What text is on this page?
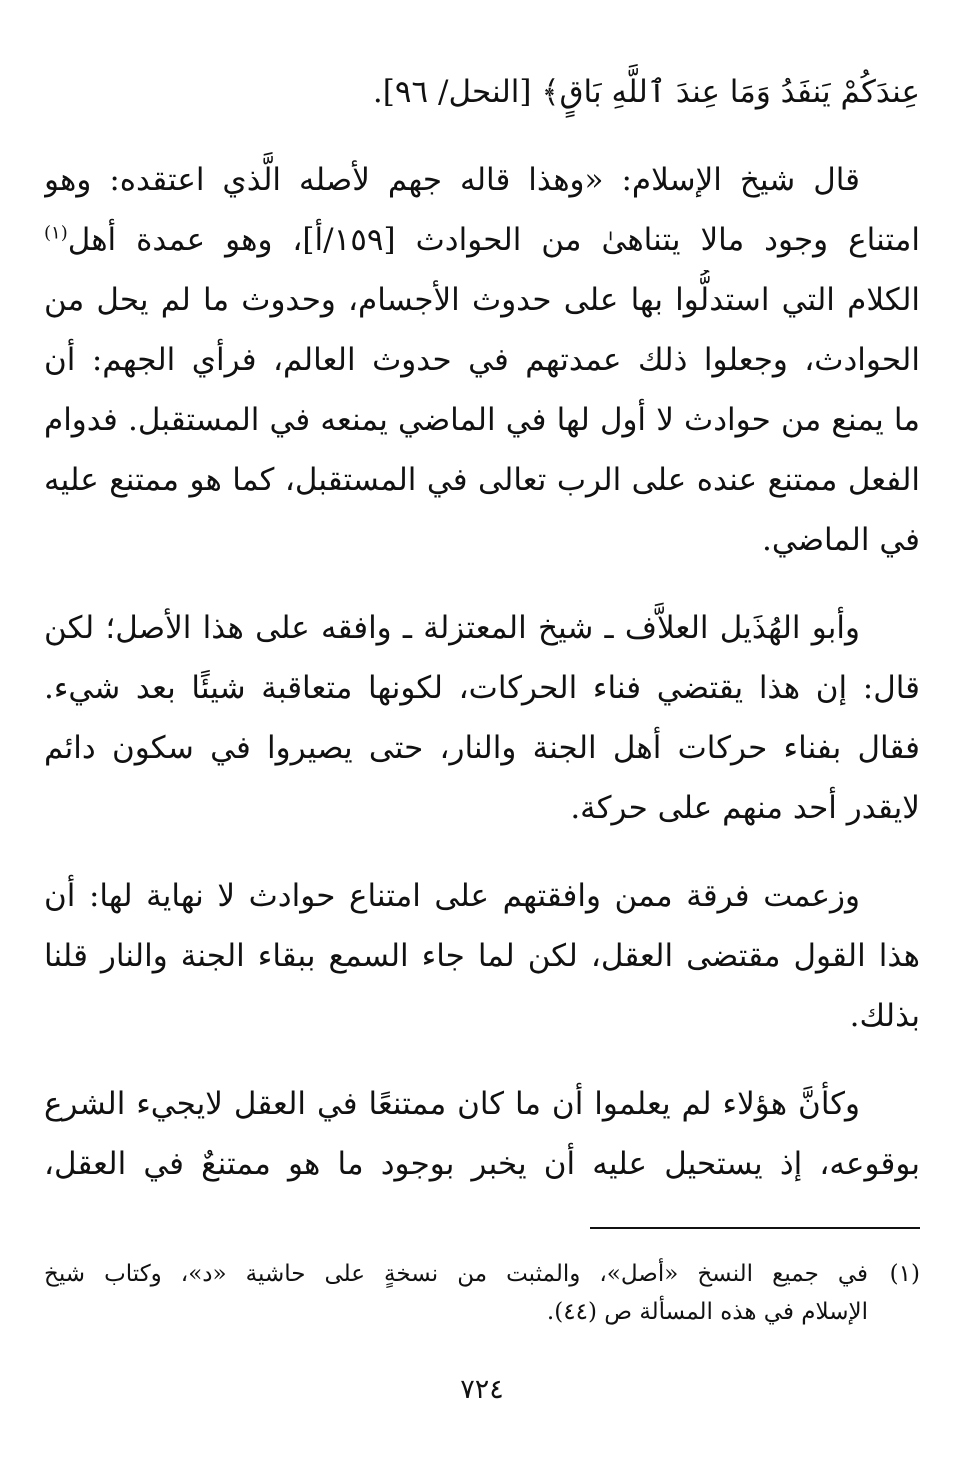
عِندَكُمْ يَنفَدُ وَمَا عِندَ ٱللَّهِ بَاقٍ﴾ [النحل/ ٩٦].
قال شيخ الإسلام: «وهذا قاله جهم لأصله الَّذي اعتقده: وهو
امتناع وجود مالا يتناهىٰ من الحوادث [١٥٩/أ]، وهو عمدة أهل$^{(١)}$
الكلام التي استدلُّوا بها على حدوث الأجسام، وحدوث ما لم يحل من
الحوادث، وجعلوا ذلك عمدتهم في حدوث العالم، فرأي الجهم: أن
ما يمنع من حوادث لا أول لها في الماضي يمنعه في المستقبل. فدوام
الفعل ممتنع عنده على الرب تعالى في المستقبل، كما هو ممتنع عليه
في الماضي.
وأبو الهُذَيل العلاَّف ـ شيخ المعتزلة ـ وافقه على هذا الأصل؛ لكن
قال: إن هذا يقتضي فناء الحركات، لكونها متعاقبة شيئًا بعد شيء.
فقال بفناء حركات أهل الجنة والنار، حتى يصيروا في سكون دائم
لايقدر أحد منهم على حركة.
وزعمت فرقة ممن وافقتهم على امتناع حوادث لا نهاية لها: أن
هذا القول مقتضى العقل، لكن لما جاء السمع ببقاء الجنة والنار قلنا
بذلك.
وكأنَّ هؤلاء لم يعلموا أن ما كان ممتنعًا في العقل لايجيء الشرع
بوقوعه، إذ يستحيل عليه أن يخبر بوجود ما هو ممتنعٌ في العقل،
(١)
في جميع النسخ «أصل»، والمثبت من نسخةٍ على حاشية «د»، وكتاب شيخ
الإسلام في هذه المسألة ص (٤٤).
٧٢٤
